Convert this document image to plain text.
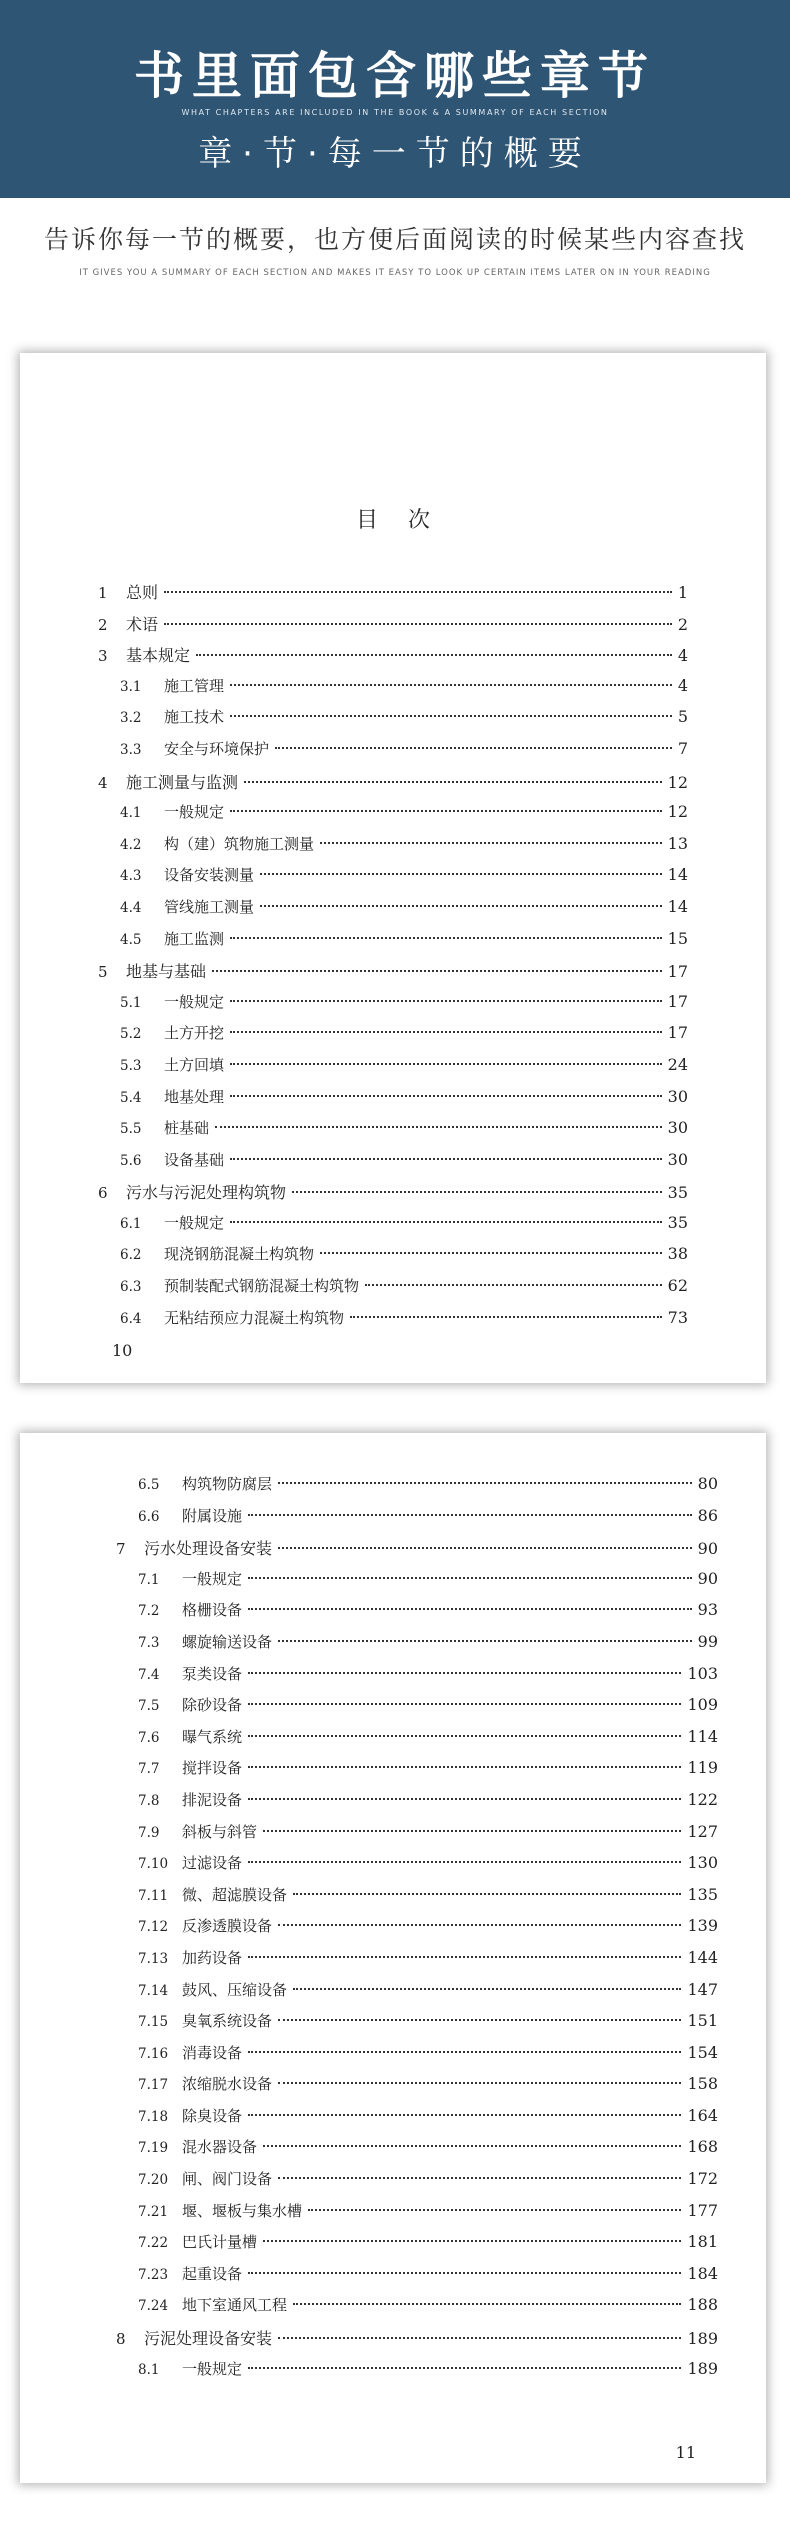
书里面包含哪些章节
WHAT CHAPTERS ARE INCLUDED IN THE BOOK & A SUMMARY OF EACH SECTION
章·节·每一节的概要
告诉你每一节的概要，也方便后面阅读的时候某些内容查找
IT GIVES YOU A SUMMARY OF EACH SECTION AND MAKES IT EASY TO LOOK UP CERTAIN ITEMS LATER ON IN YOUR READING
目次
1	总则	1
2	术语	2
3	基本规定	4
3.1	施工管理	4
3.2	施工技术	5
3.3	安全与环境保护	7
4	施工测量与监测	12
4.1	一般规定	12
4.2	构（建）筑物施工测量	13
4.3	设备安装测量	14
4.4	管线施工测量	14
4.5	施工监测	15
5	地基与基础	17
5.1	一般规定	17
5.2	土方开挖	17
5.3	土方回填	24
5.4	地基处理	30
5.5	桩基础	30
5.6	设备基础	30
6	污水与污泥处理构筑物	35
6.1	一般规定	35
6.2	现浇钢筋混凝土构筑物	38
6.3	预制装配式钢筋混凝土构筑物	62
6.4	无粘结预应力混凝土构筑物	73
10
6.5	构筑物防腐层	80
6.6	附属设施	86
7	污水处理设备安装	90
7.1	一般规定	90
7.2	格栅设备	93
7.3	螺旋输送设备	99
7.4	泵类设备	103
7.5	除砂设备	109
7.6	曝气系统	114
7.7	搅拌设备	119
7.8	排泥设备	122
7.9	斜板与斜管	127
7.10 过滤设备	130
7.11 微、超滤膜设备	135
7.12 反渗透膜设备	139
7.13 加药设备	144
7.14 鼓风、压缩设备	147
7.15 臭氧系统设备	151
7.16 消毒设备	154
7.17 浓缩脱水设备	158
7.18 除臭设备	164
7.19 混水器设备	168
7.20 闸、阀门设备	172
7.21 堰、堰板与集水槽	177
7.22 巴氏计量槽	181
7.23 起重设备	184
7.24 地下室通风工程	188
8	污泥处理设备安装	189
8.1	一般规定	189
11
